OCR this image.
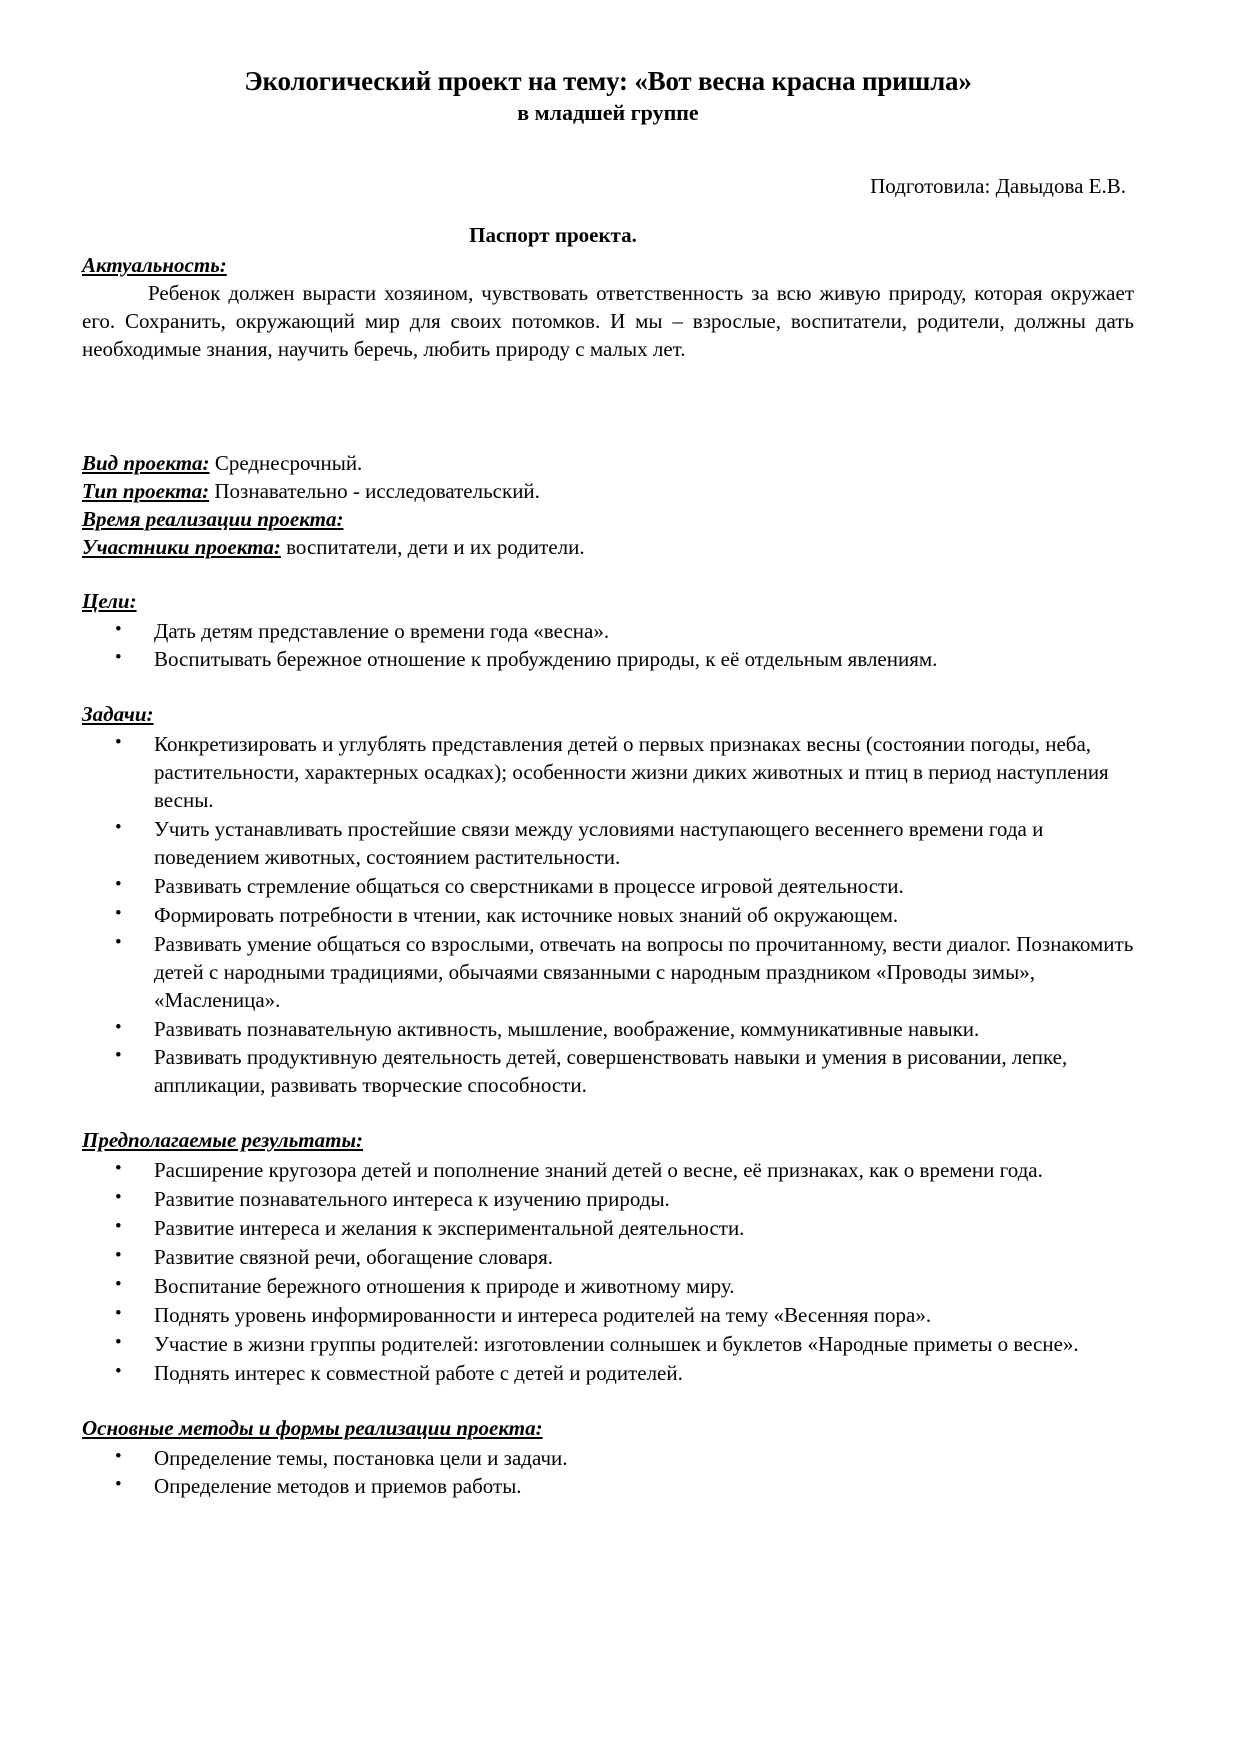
Экологический проект на тему: «Вот весна красна пришла»
в младшей группе
Подготовила: Давыдова Е.В.
Паспорт проекта.
Актуальность:

Ребенок должен вырасти хозяином, чувствовать ответственность за всю живую природу, которая окружает его. Сохранить, окружающий мир для своих потомков. И мы – взрослые, воспитатели, родители, должны дать необходимые знания, научить беречь, любить природу с малых лет.

Вид проекта: Среднесрочный.

Тип проекта: Познавательно - исследовательский.

Время реализации проекта:

Участники проекта: воспитатели, дети и их родители.

Цели:
• Дать детям представление о времени года «весна».
• Воспитывать бережное отношение к пробуждению природы, к её отдельным явлениям.
Задачи:
• Конкретизировать и углублять представления детей о первых признаках весны (состоянии погоды, неба, растительности, характерных осадках); особенности жизни диких животных и птиц в период наступления весны.
• Учить устанавливать простейшие связи между условиями наступающего весеннего времени года и поведением животных, состоянием растительности.
• Развивать стремление общаться со сверстниками в процессе игровой деятельности.
• Формировать потребности в чтении, как источнике новых знаний об окружающем.
• Развивать умение общаться со взрослыми, отвечать на вопросы по прочитанному, вести диалог. Познакомить детей с народными традициями, обычаями связанными с народным праздником «Проводы зимы», «Масленица».
• Развивать познавательную активность, мышление, воображение, коммуникативные навыки.
• Развивать продуктивную деятельность детей, совершенствовать навыки и умения в рисовании, лепке, аппликации, развивать творческие способности.
Предполагаемые результаты:
• Расширение кругозора детей и пополнение знаний детей о весне, её признаках, как о времени года.
• Развитие познавательного интереса к изучению природы.
• Развитие интереса и желания к экспериментальной деятельности.
• Развитие связной речи, обогащение словаря.
• Воспитание бережного отношения к природе и животному миру.
• Поднять уровень информированности и интереса родителей на тему «Весенняя пора».
• Участие в жизни группы родителей: изготовлении солнышек и буклетов «Народные приметы о весне».
• Поднять интерес к совместной работе с детей и родителей.
Основные методы и формы реализации проекта:
• Определение темы, постановка цели и задачи.
• Определение методов и приемов работы.
